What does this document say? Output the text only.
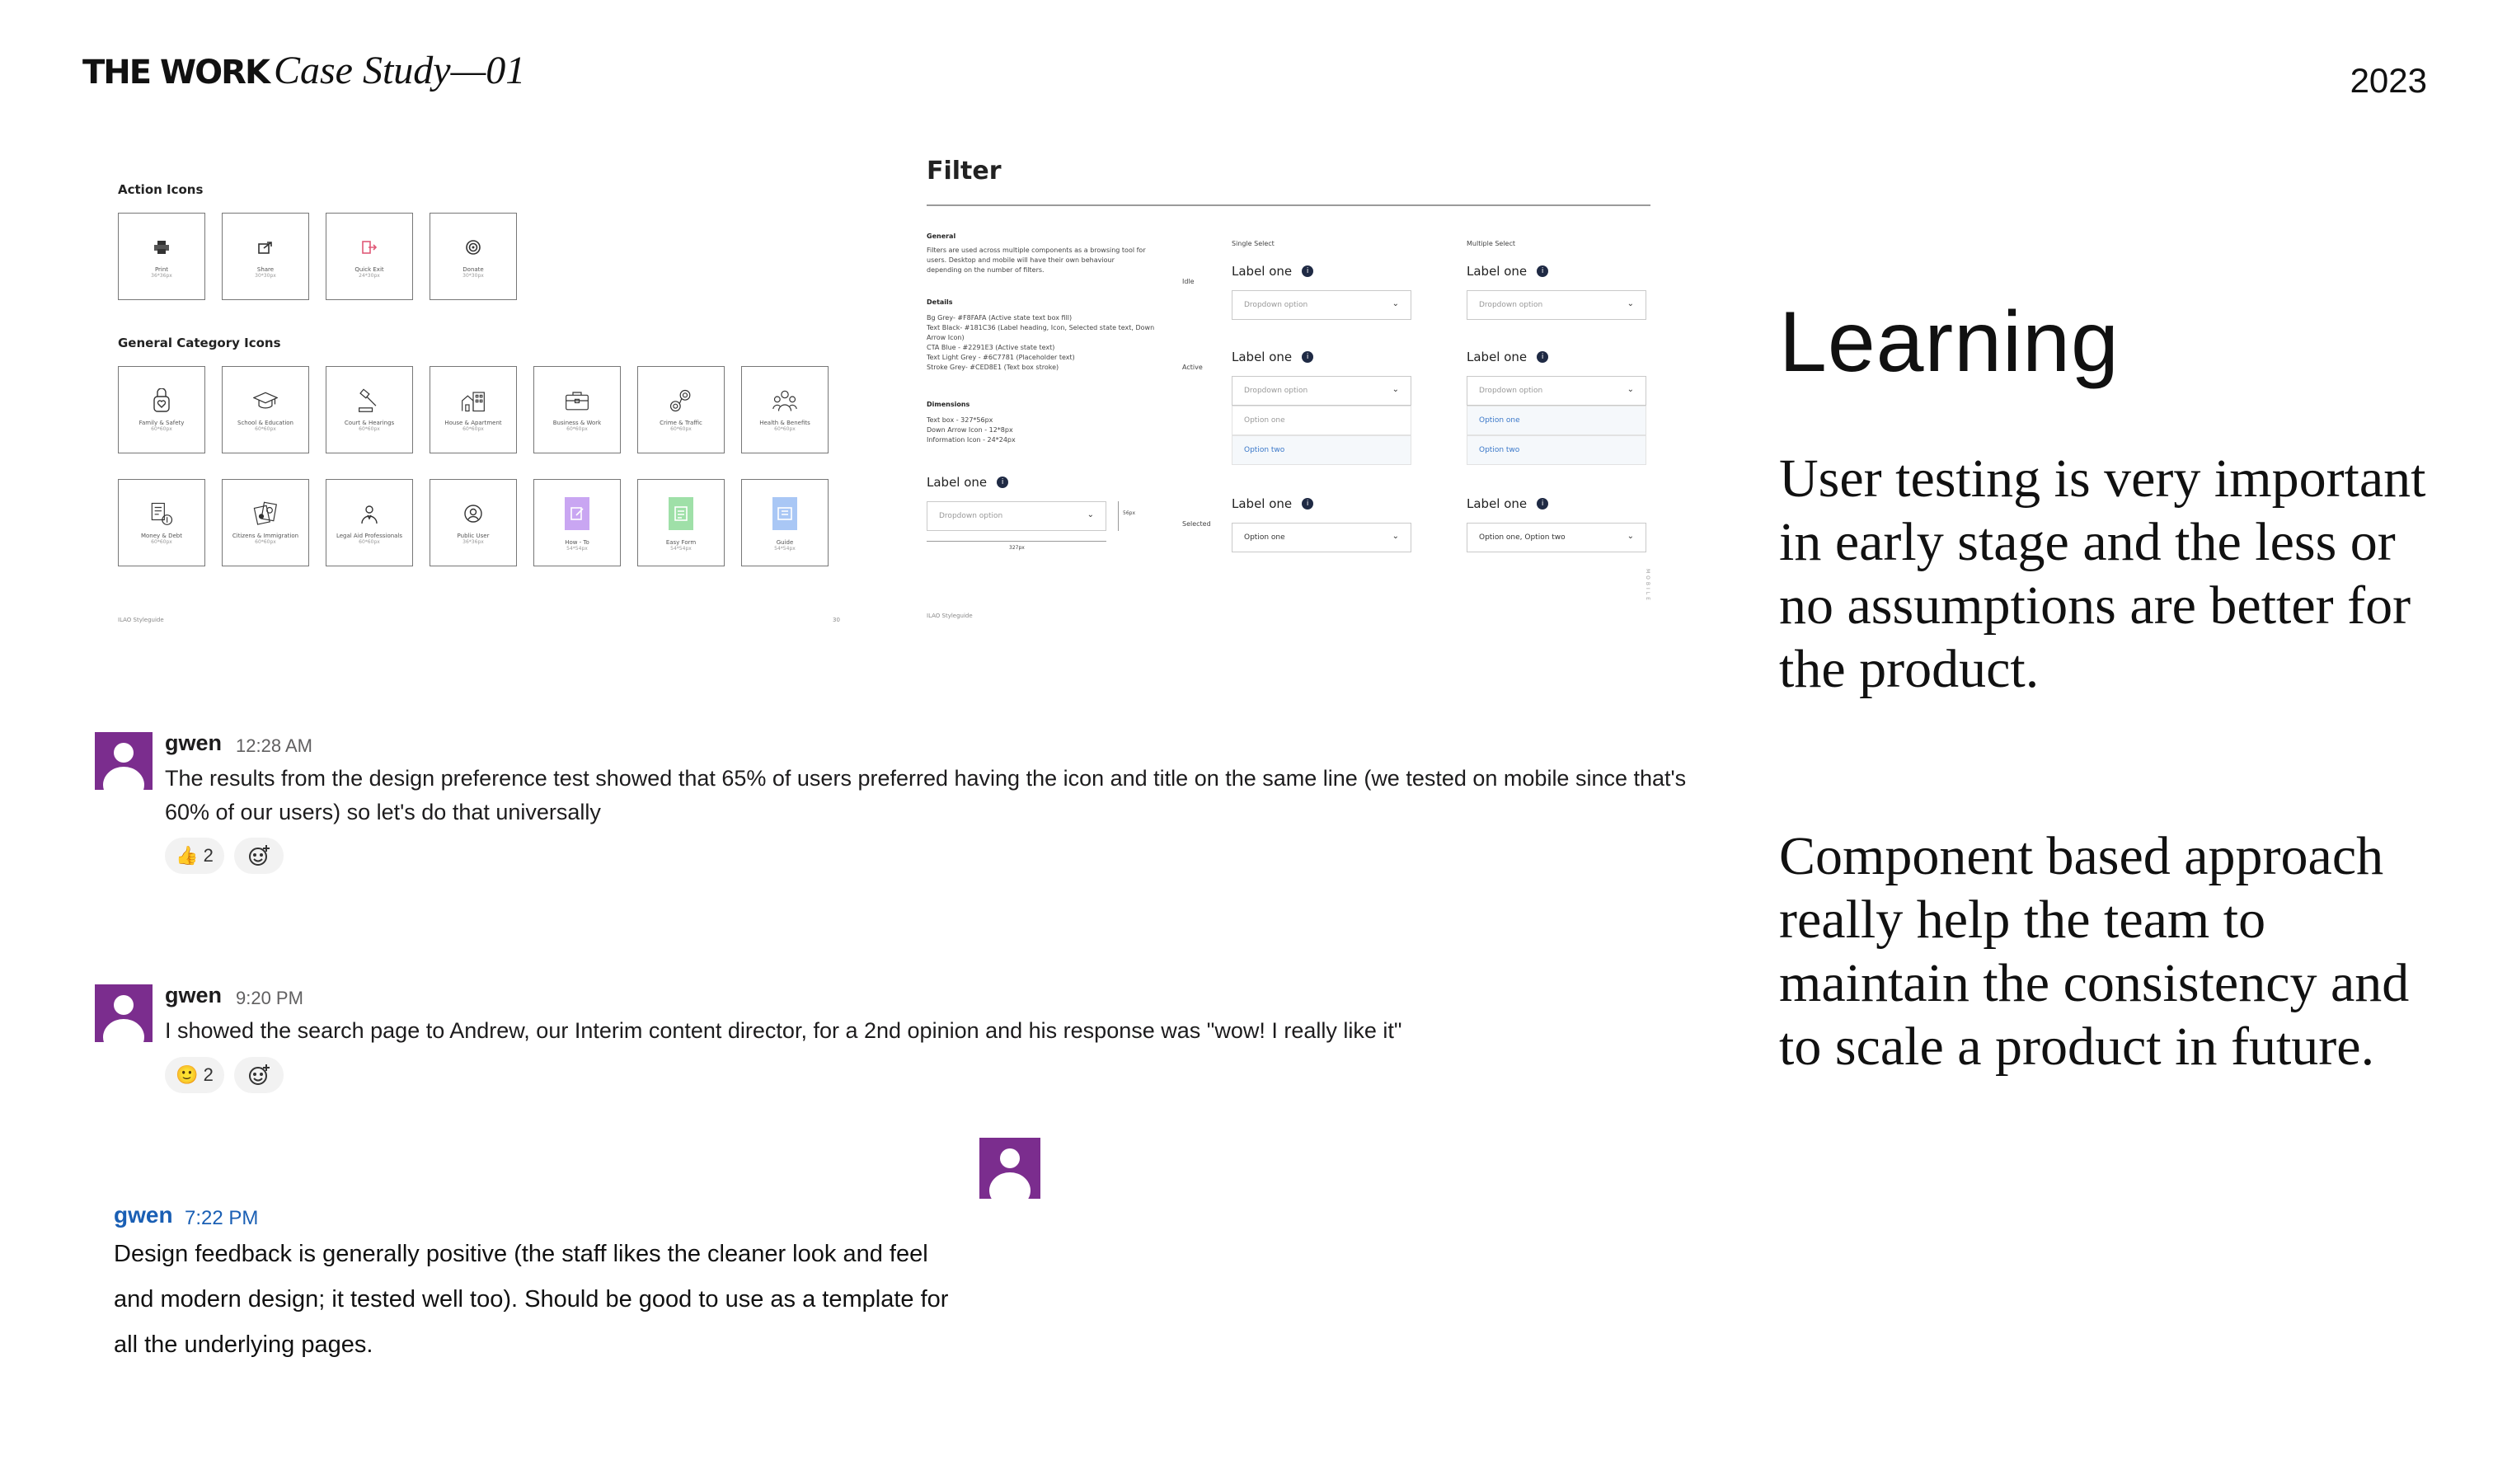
THE WORK Case Study—01	2023
Action Icons
Print
36*36px
Share
30*30px
Quick Exit
24*30px
Donate
30*30px
General Category Icons
Family & Safety
60*60px
School & Education
60*60px
Court & Hearings
60*60px
House & Apartment
60*60px
Business & Work
60*60px
Crime & Traffic
60*60px
Health & Benefits
60*60px
Money & Debt
60*60px
Citizens & Immigration
60*60px
Legal Aid Professionals
60*60px
Public User
36*36px	How - To
54*54px
Easy Form
54*54px
Guide
54*54px
ILAO Styleguide	30
Filter
General
Filters are used across multiple components as a browsing tool for users. Desktop and mobile will have their own behaviour depending on the number of filters.
Details
Bg Grey- #F8FAFA (Active state text box fill)
Text Black- #181C36 (Label heading, Icon, Selected state text, Down Arrow Icon)
CTA Blue - #2291E3 (Active state text)
Text Light Grey - #6C7781 (Placeholder text)
Stroke Grey- #CED8E1 (Text box stroke)
Dimensions
Text box - 327*56px
Down Arrow Icon - 12*8px
Information Icon - 24*24px
Label one	i
Dropdown option	⌄	56px
327px
Single Select	Multiple Select
Idle
Active
Selected
Label one	i
Dropdown option	⌄
Label one	i
Dropdown option	⌄
Label one	i
Dropdown option	⌄
Option one
Option two
Label one	i
Dropdown option	⌄
Option one
Option two
Label one	i
Option one	⌄
Label one	i
Option one, Option two	⌄
ILAO Styleguide
MOBILE
gwen 12:28 AM
The results from the design preference test showed that 65% of users preferred having the icon and title on the same line (we tested on mobile since that's
60% of our users) so let's do that universally
👍
2
gwen 9:20 PM
I showed the search page to Andrew, our Interim content director, for a 2nd opinion and his response was "wow! I really like it"
🙂
2
gwen 7:22 PM
Design feedback is generally positive (the staff likes the cleaner look and feel
and modern design; it tested well too). Should be good to use as a template for
all the underlying pages.
Learning
User testing is very important in early stage and the less or no assumptions are better for the product.
Component based approach really help the team to maintain the consistency and to scale a product in future.
